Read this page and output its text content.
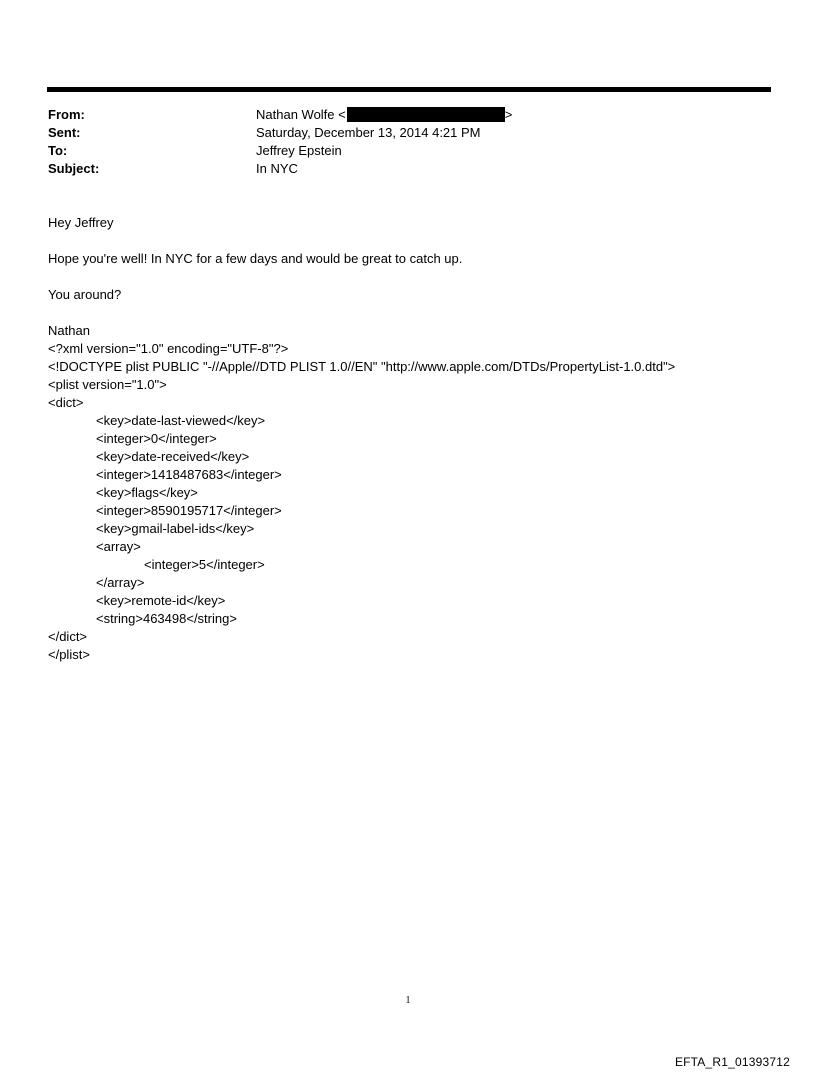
From:	Nathan Wolfe <	>
Sent:	Saturday, December 13, 2014 4:21 PM
To:	Jeffrey Epstein
Subject:	In NYC
Hey Jeffrey
Hope you're well! In NYC for a few days and would be great to catch up.
You around?
Nathan
<?xml version="1.0" encoding="UTF-8"?>
<!DOCTYPE plist PUBLIC "-//Apple//DTD PLIST 1.0//EN" "http://www.apple.com/DTDs/PropertyList-1.0.dtd">
<plist version="1.0">
<dict>
<key>date-last-viewed</key>
<integer>0</integer>
<key>date-received</key>
<integer>1418487683</integer>
<key>flags</key>
<integer>8590195717</integer>
<key>gmail-label-ids</key>
<array>
<integer>5</integer>
</array>
<key>remote-id</key>
<string>463498</string>
</dict>
</plist>
1
EFTA_R1_01393712
